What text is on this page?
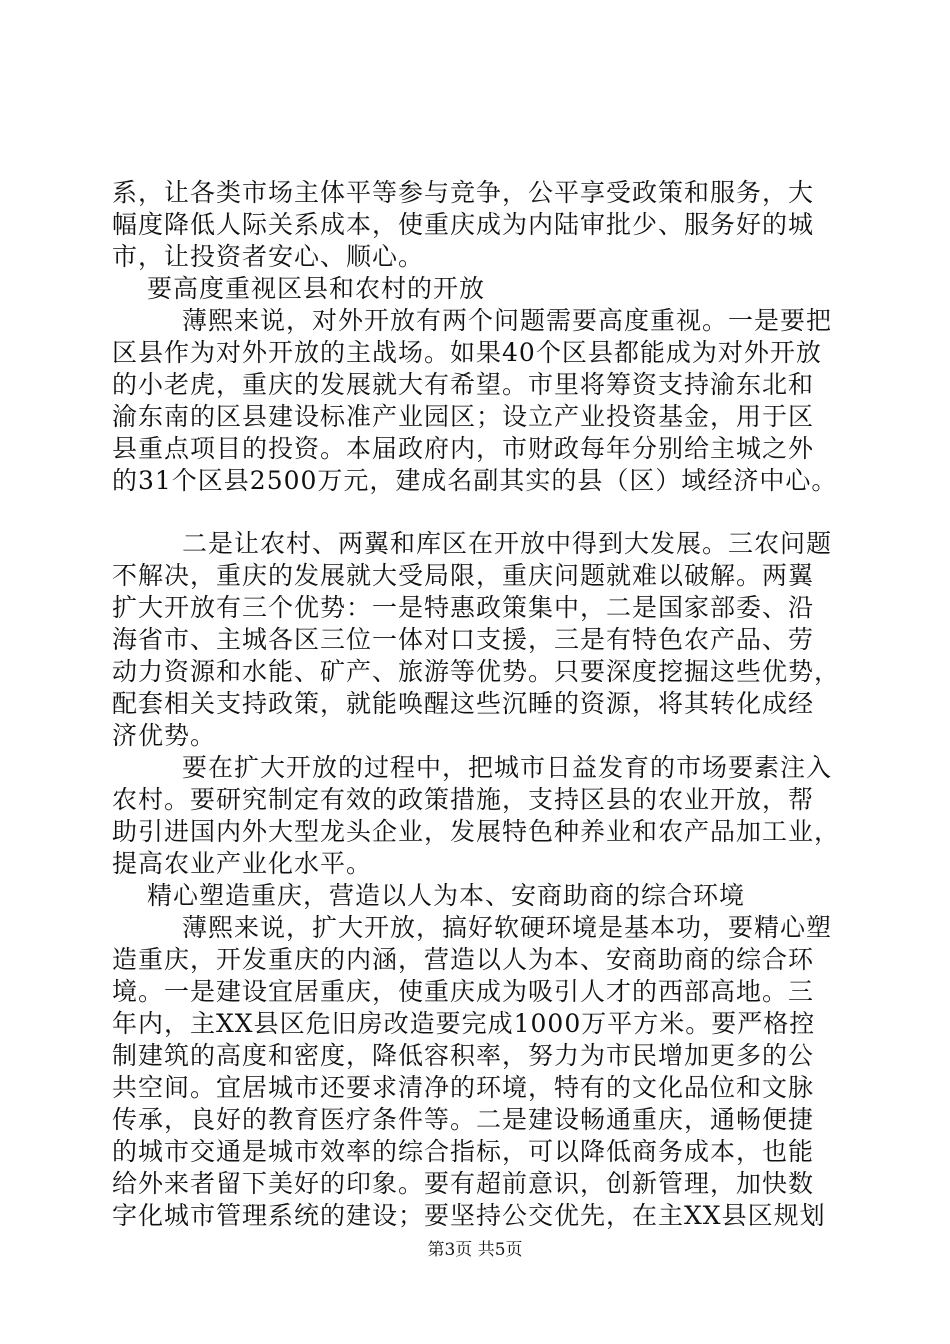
系，让各类市场主体平等参与竞争，公平享受政策和服务，大
幅度降低人际关系成本，使重庆成为内陆审批少、服务好的城
市，让投资者安心、顺心。
要高度重视区县和农村的开放
薄熙来说，对外开放有两个问题需要高度重视。一是要把
区县作为对外开放的主战场。如果40个区县都能成为对外开放
的小老虎，重庆的发展就大有希望。市里将筹资支持渝东北和
渝东南的区县建设标准产业园区；设立产业投资基金，用于区
县重点项目的投资。本届政府内，市财政每年分别给主城之外
的31个区县2500万元，建成名副其实的县（区）域经济中心。
二是让农村、两翼和库区在开放中得到大发展。三农问题
不解决，重庆的发展就大受局限，重庆问题就难以破解。两翼
扩大开放有三个优势：一是特惠政策集中，二是国家部委、沿
海省市、主城各区三位一体对口支援，三是有特色农产品、劳
动力资源和水能、矿产、旅游等优势。只要深度挖掘这些优势，
配套相关支持政策，就能唤醒这些沉睡的资源，将其转化成经
济优势。
要在扩大开放的过程中，把城市日益发育的市场要素注入
农村。要研究制定有效的政策措施，支持区县的农业开放，帮
助引进国内外大型龙头企业，发展特色种养业和农产品加工业，
提高农业产业化水平。
精心塑造重庆，营造以人为本、安商助商的综合环境
薄熙来说，扩大开放，搞好软硬环境是基本功，要精心塑
造重庆，开发重庆的内涵，营造以人为本、安商助商的综合环
境。一是建设宜居重庆，使重庆成为吸引人才的西部高地。三
年内，主XX县区危旧房改造要完成1000万平方米。要严格控
制建筑的高度和密度，降低容积率，努力为市民增加更多的公
共空间。宜居城市还要求清净的环境，特有的文化品位和文脉
传承，良好的教育医疗条件等。二是建设畅通重庆，通畅便捷
的城市交通是城市效率的综合指标，可以降低商务成本，也能
给外来者留下美好的印象。要有超前意识，创新管理，加快数
字化城市管理系统的建设；要坚持公交优先，在主XX县区规划
第3页 共5页
